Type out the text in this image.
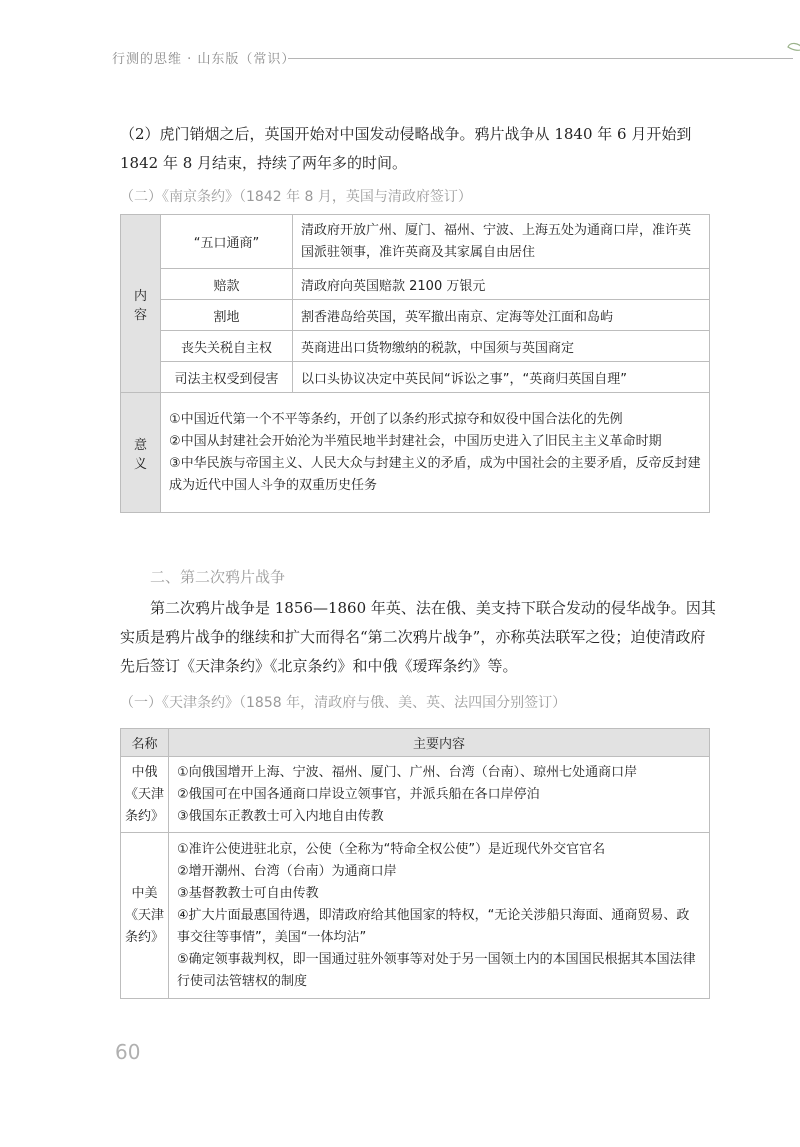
行测的思维 · 山东版（常识）
（2）虎门销烟之后，英国开始对中国发动侵略战争。鸦片战争从 1840 年 6 月开始到 1842 年 8 月结束，持续了两年多的时间。
（二）《南京条约》（1842 年 8 月，英国与清政府签订）
内容	“五口通商”	清政府开放广州、厦门、福州、宁波、上海五处为通商口岸，准许英国派驻领事，准许英商及其家属自由居住
	赔款	清政府向英国赔款 2100 万银元
	割地	割香港岛给英国，英军撤出南京、定海等处江面和岛屿
	丧失关税自主权	英商进出口货物缴纳的税款，中国须与英国商定
	司法主权受到侵害	以口头协议决定中英民间“诉讼之事”，“英商归英国自理”
意义	①中国近代第一个不平等条约，开创了以条约形式掠夺和奴役中国合法化的先例
②中国从封建社会开始沦为半殖民地半封建社会，中国历史进入了旧民主主义革命时期
③中华民族与帝国主义、人民大众与封建主义的矛盾，成为中国社会的主要矛盾，反帝反封建成为近代中国人斗争的双重历史任务	
二、第二次鸦片战争
第二次鸦片战争是 1856—1860 年英、法在俄、美支持下联合发动的侵华战争。因其实质是鸦片战争的继续和扩大而得名“第二次鸦片战争”，亦称英法联军之役；迫使清政府先后签订《天津条约》《北京条约》和中俄《瑷珲条约》等。
（一）《天津条约》（1858 年，清政府与俄、美、英、法四国分别签订）
名称	主要内容
中俄《天津条约》	①向俄国增开上海、宁波、福州、厦门、广州、台湾（台南）、琼州七处通商口岸
②俄国可在中国各通商口岸设立领事官，并派兵船在各口岸停泊
③俄国东正教教士可入内地自由传教

中美《天津条约》	①准许公使进驻北京，公使（全称为“特命全权公使”）是近现代外交官官名
②增开潮州、台湾（台南）为通商口岸
③基督教教士可自由传教
④扩大片面最惠国待遇，即清政府给其他国家的特权，“无论关涉船只海面、通商贸易、政事交往等事情”，美国“一体均沾”
⑤确定领事裁判权，即一国通过驻外领事等对处于另一国领土内的本国国民根据其本国法律行使司法管辖权的制度
60
